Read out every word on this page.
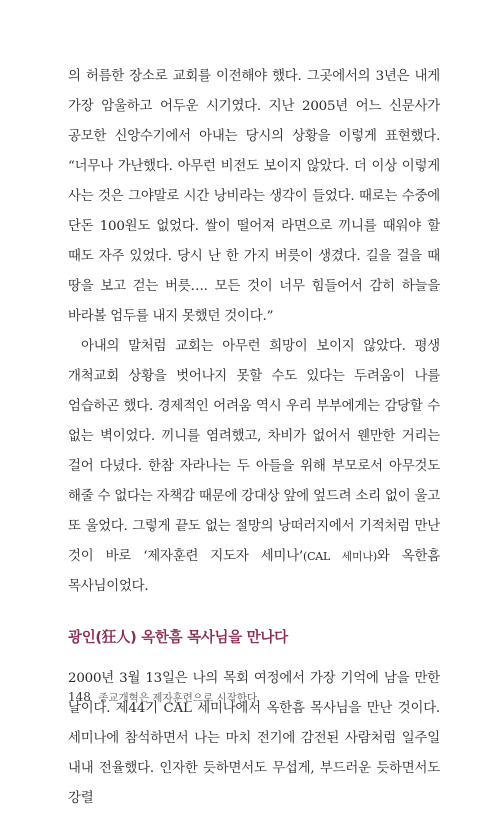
의 허름한 장소로 교회를 이전해야 했다. 그곳에서의 3년은 내게 가장 암울하고 어두운 시기였다. 지난 2005년 어느 신문사가 공모한 신앙수기에서 아내는 당시의 상황을 이렇게 표현했다. “너무나 가난했다. 아무런 비전도 보이지 않았다. 더 이상 이렇게 사는 것은 그야말로 시간 낭비라는 생각이 들었다. 때로는 수중에 단돈 100원도 없었다. 쌀이 떨어져 라면으로 끼니를 때워야 할 때도 자주 있었다. 당시 난 한 가지 버릇이 생겼다. 길을 걸을 때 땅을 보고 걷는 버릇…. 모든 것이 너무 힘들어서 감히 하늘을 바라볼 엄두를 내지 못했던 것이다.”

아내의 말처럼 교회는 아무런 희망이 보이지 않았다. 평생 개척교회 상황을 벗어나지 못할 수도 있다는 두려움이 나를 엄습하곤 했다. 경제적인 어려움 역시 우리 부부에게는 감당할 수 없는 벽이었다. 끼니를 염려했고, 차비가 없어서 웬만한 거리는 걸어 다녔다. 한참 자라나는 두 아들을 위해 부모로서 아무것도 해줄 수 없다는 자책감 때문에 강대상 앞에 엎드려 소리 없이 울고 또 울었다. 그렇게 끝도 없는 절망의 낭떠러지에서 기적처럼 만난 것이 바로 ‘제자훈련 지도자 세미나’(CAL 세미나)와 옥한흠 목사님이었다.

광인(狂人) 옥한흠 목사님을 만나다

2000년 3월 13일은 나의 목회 여정에서 가장 기억에 남을 만한 날이다. 제44기 CAL 세미나에서 옥한흠 목사님을 만난 것이다. 세미나에 참석하면서 나는 마치 전기에 감전된 사람처럼 일주일 내내 전율했다. 인자한 듯하면서도 무섭게, 부드러운 듯하면서도 강렬

148 종교개혁은 제자훈련으로 시작한다
